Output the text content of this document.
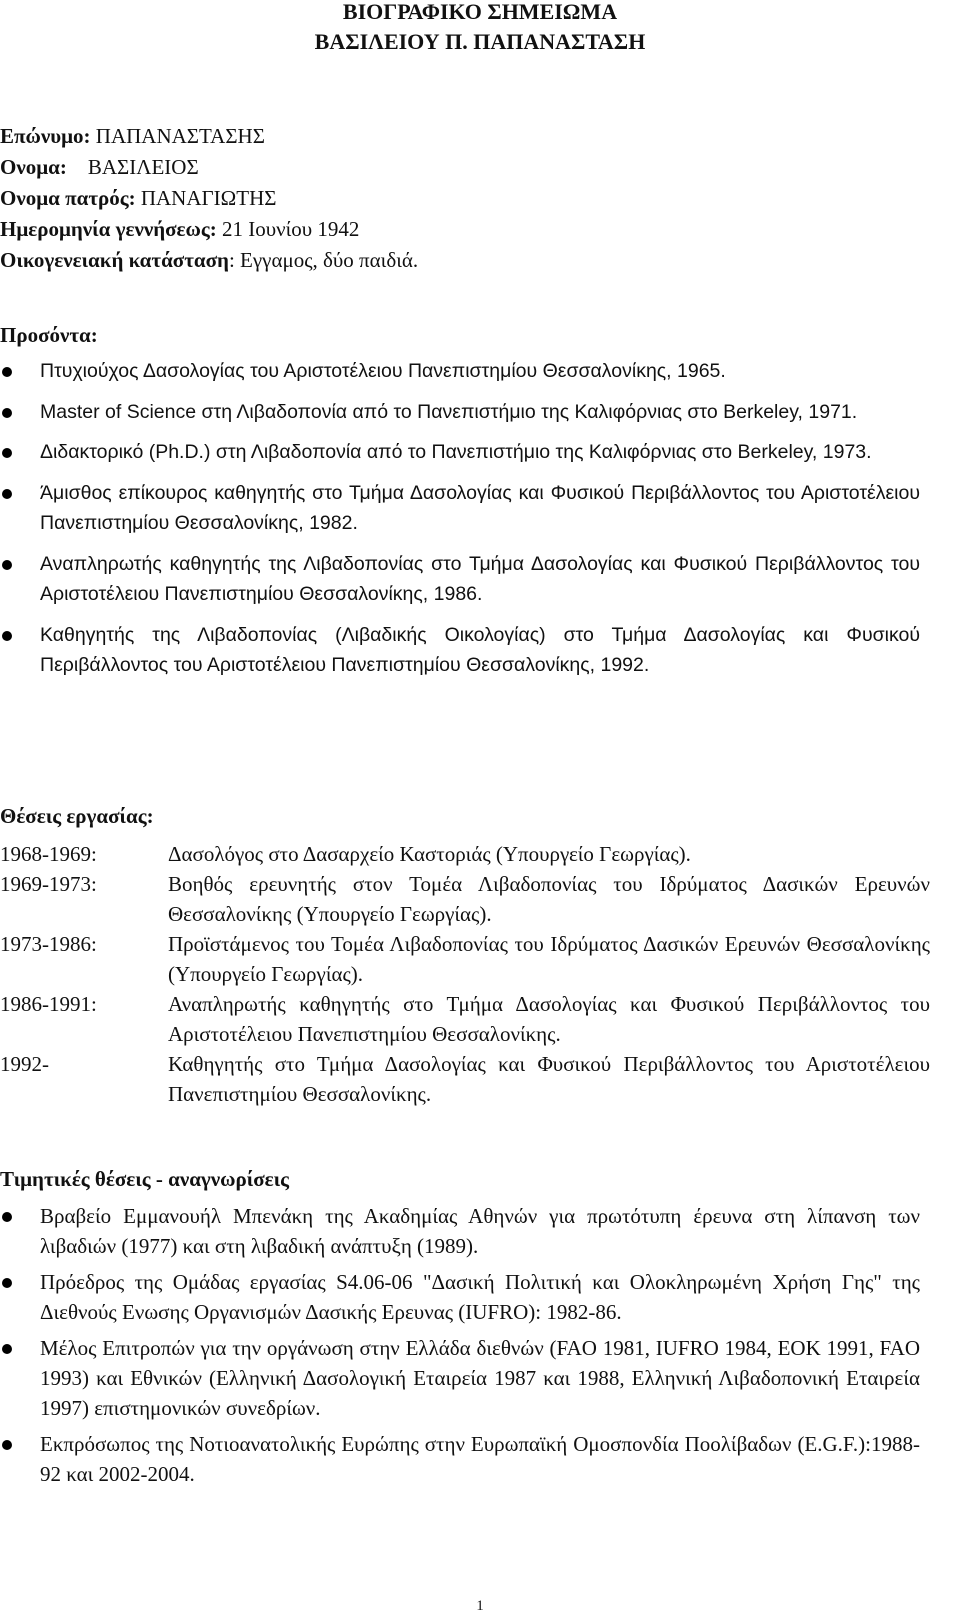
ΒΙΟΓΡΑΦΙΚΟ ΣΗΜΕΙΩΜΑ
ΒΑΣΙΛΕΙΟΥ Π. ΠΑΠΑΝΑΣΤΑΣΗ
Επώνυμο: ΠΑΠΑΝΑΣΤΑΣΗΣ
Ονομα:    ΒΑΣΙΛΕΙΟΣ
Ονομα πατρός: ΠΑΝΑΓΙΩΤΗΣ
Ημερομηνία γεννήσεως: 21 Ιουνίου 1942
Οικογενειακή κατάσταση: Εγγαμος, δύο παιδιά.
Προσόντα:
Πτυχιούχος Δασολογίας του Αριστοτέλειου Πανεπιστημίου Θεσσαλονίκης, 1965.
Master of Science στη Λιβαδοπονία από το Πανεπιστήμιο της Καλιφόρνιας στο Berkeley, 1971.
Διδακτορικό (Ph.D.) στη Λιβαδοπονία από το Πανεπιστήμιο της Καλιφόρνιας στο Berkeley, 1973.
Άμισθος επίκουρος καθηγητής στο Τμήμα Δασολογίας και Φυσικού Περιβάλλοντος του Αριστοτέλειου Πανεπιστημίου Θεσσαλονίκης, 1982.
Αναπληρωτής καθηγητής της Λιβαδοπονίας στο Τμήμα Δασολογίας και Φυσικού Περιβάλλοντος του Αριστοτέλειου Πανεπιστημίου Θεσσαλονίκης, 1986.
Καθηγητής της Λιβαδοπονίας (Λιβαδικής Οικολογίας) στο Τμήμα Δασολογίας και Φυσικού Περιβάλλοντος του Αριστοτέλειου Πανεπιστημίου Θεσσαλονίκης, 1992.
Θέσεις εργασίας:
1968-1969:	Δασολόγος στο Δασαρχείο Καστοριάς (Υπουργείο Γεωργίας).
1969-1973:	Βοηθός ερευνητής στον Τομέα Λιβαδοπονίας του Ιδρύματος Δασικών Ερευνών Θεσσαλονίκης (Υπουργείο Γεωργίας).
1973-1986:	Προϊστάμενος του Τομέα Λιβαδοπονίας του Ιδρύματος Δασικών Ερευνών Θεσσαλονίκης (Υπουργείο Γεωργίας).
1986-1991:	Αναπληρωτής καθηγητής στο Τμήμα Δασολογίας και Φυσικού Περιβάλλοντος του Αριστοτέλειου Πανεπιστημίου Θεσσαλονίκης.
1992-	Καθηγητής στο Τμήμα Δασολογίας και Φυσικού Περιβάλλοντος του Αριστοτέλειου Πανεπιστημίου Θεσσαλονίκης.
Τιμητικές θέσεις - αναγνωρίσεις
Βραβείο Εμμανουήλ Μπενάκη της Ακαδημίας Αθηνών για πρωτότυπη έρευνα στη λίπανση των λιβαδιών (1977) και στη λιβαδική ανάπτυξη (1989).
Πρόεδρος της Ομάδας εργασίας S4.06-06 "Δασική Πολιτική και Ολοκληρωμένη Χρήση Γης" της Διεθνούς Ενωσης Οργανισμών Δασικής Ερευνας (IUFRO): 1982-86.
Μέλος Επιτροπών για την οργάνωση στην Ελλάδα διεθνών (FAO 1981, IUFRO 1984, ΕΟΚ 1991, FAO 1993) και Εθνικών (Ελληνική Δασολογική Εταιρεία 1987 και 1988, Ελληνική Λιβαδοπονική Εταιρεία 1997) επιστημονικών συνεδρίων.
Εκπρόσωπος της Νοτιοανατολικής Ευρώπης στην Ευρωπαϊκή Ομοσπονδία Ποολίβαδων (E.G.F.):1988-92 και 2002-2004.
1
